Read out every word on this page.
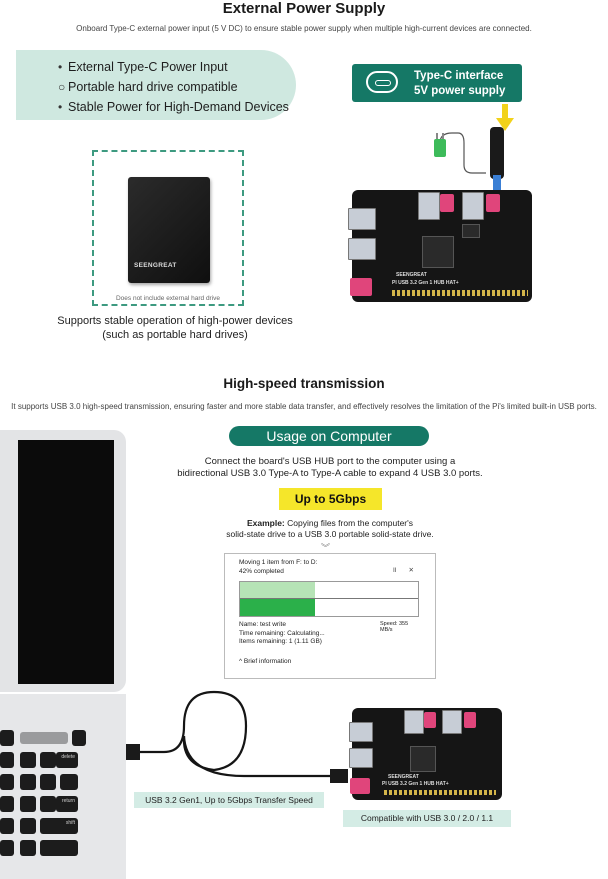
External Power Supply
Onboard Type-C external power input (5 V DC) to ensure stable power supply when multiple high-current devices are connected.
• External Type-C Power Input
○ Portable hard drive compatible
• Stable Power for High-Demand Devices
Type-C interface
5V power supply
SEENGREAT
PI USB 3.2 Gen 1 HUB HAT+
SEENGREAT
Does not include external hard drive
Supports stable operation of high-power devices
(such as portable hard drives)
High-speed transmission
It supports USB 3.0 high-speed transmission, ensuring faster and more stable data transfer, and effectively resolves the limitation of the Pi's limited built-in USB ports.
delete
return
shift
Usage on Computer
Connect the board's USB HUB port to the computer using a
bidirectional USB 3.0 Type-A to Type-A cable to expand 4 USB 3.0 ports.
Up to 5Gbps
Example: Copying files from the computer's
solid-state drive to a USB 3.0 portable solid-state drive.
︾
Moving 1 item from F: to D:
42% completed	II ✕
Speed: 355 MB/s
Name: test write
Time remaining: Calculating...
Items remaining: 1 (1.11 GB)
^ Brief information
SEENGREAT
PI USB 3.2 Gen 1 HUB HAT+
USB 3.2 Gen1, Up to 5Gbps Transfer Speed
Compatible with USB 3.0 / 2.0 / 1.1
